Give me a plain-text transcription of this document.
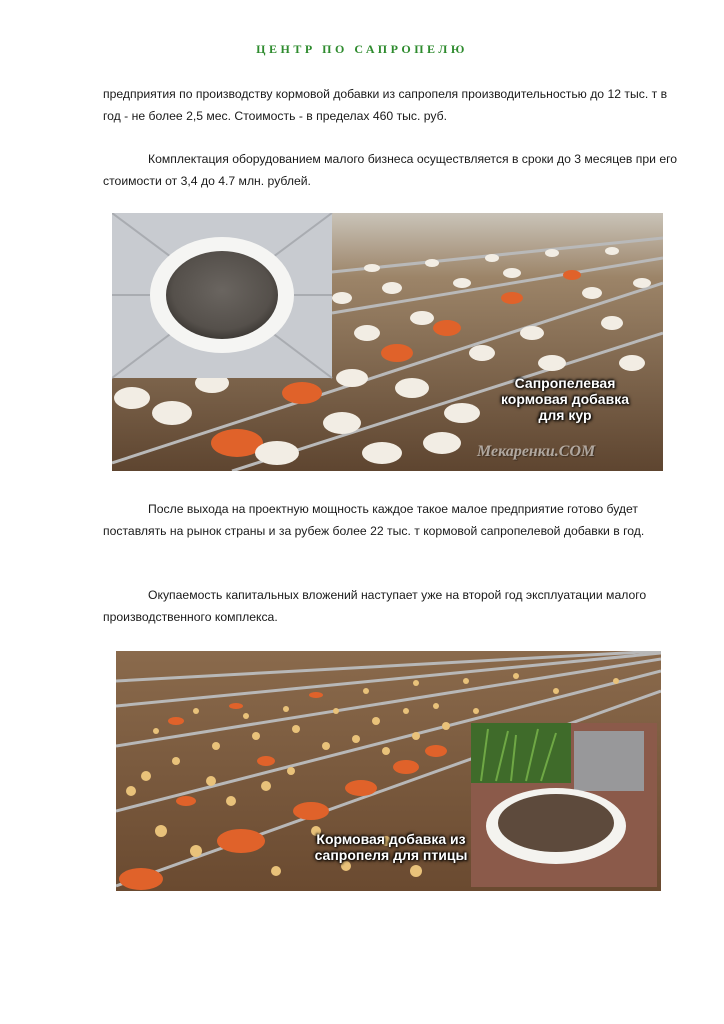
ЦЕНТР ПО САПРОПЕЛЮ

предприятия по производству кормовой добавки из сапропеля производительностью до 12 тыс. т в год - не более 2,5 мес. Стоимость - в пределах 460 тыс. руб.

Комплектация оборудованием малого бизнеса осуществляется в сроки до 3 месяцев при его стоимости от 3,4 до 4.7 млн. рублей.

Сапропелевая кормовая добавка для кур
Мекаренки.COM

После выхода на проектную мощность каждое такое малое предприятие готово будет поставлять на рынок страны и за рубеж более 22 тыс. т кормовой сапропелевой добавки в год.

Окупаемость капитальных вложений наступает уже на второй год эксплуатации малого производственного комплекса.

Кормовая добавка из сапропеля для птицы
